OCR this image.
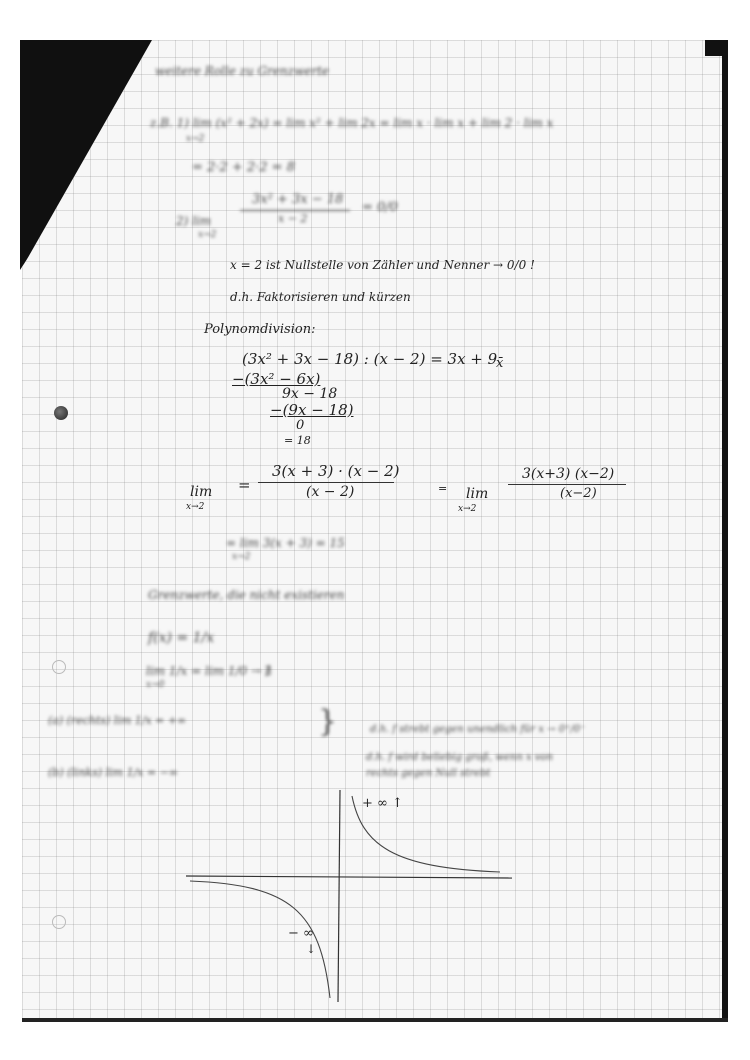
weitere Rolle zu Grenzwerte
z.B. 1) lim (x² + 2x) = lim x² + lim 2x = lim x · lim x + lim 2 · lim x
x→2
= 2·2 + 2·2 = 8
2) lim
x→2
3x² + 3x − 18
x − 2
= 0/0
x = 2 ist Nullstelle von Zähler und Nenner → 0/0 !
d.h. Faktorisieren und kürzen
Polynomdivision:
(3x² + 3x − 18) : (x − 2) = 3x + 9
x̄
−(3x² − 6x)
9x − 18
−(9x − 18)
0
= 18
lim
x→2
=
3(x + 3) · (x − 2)
(x − 2)	= lim
x→2
3(x+3) (x−2)
(x−2)
= lim 3(x + 3) = 15
x→2
Grenzwerte, die nicht existieren
f(x) = 1/x
lim 1/x = lim 1/0 → ∄
x→0
(a) (rechts) lim 1/x = +∞
(b) (links) lim 1/x = −∞
}	d.h. f strebt gegen unendlich für x → 0⁺/0⁻
d.h. f wird beliebig groß, wenn x von
rechts gegen Null strebt
+ ∞ ↑
− ∞
↓
